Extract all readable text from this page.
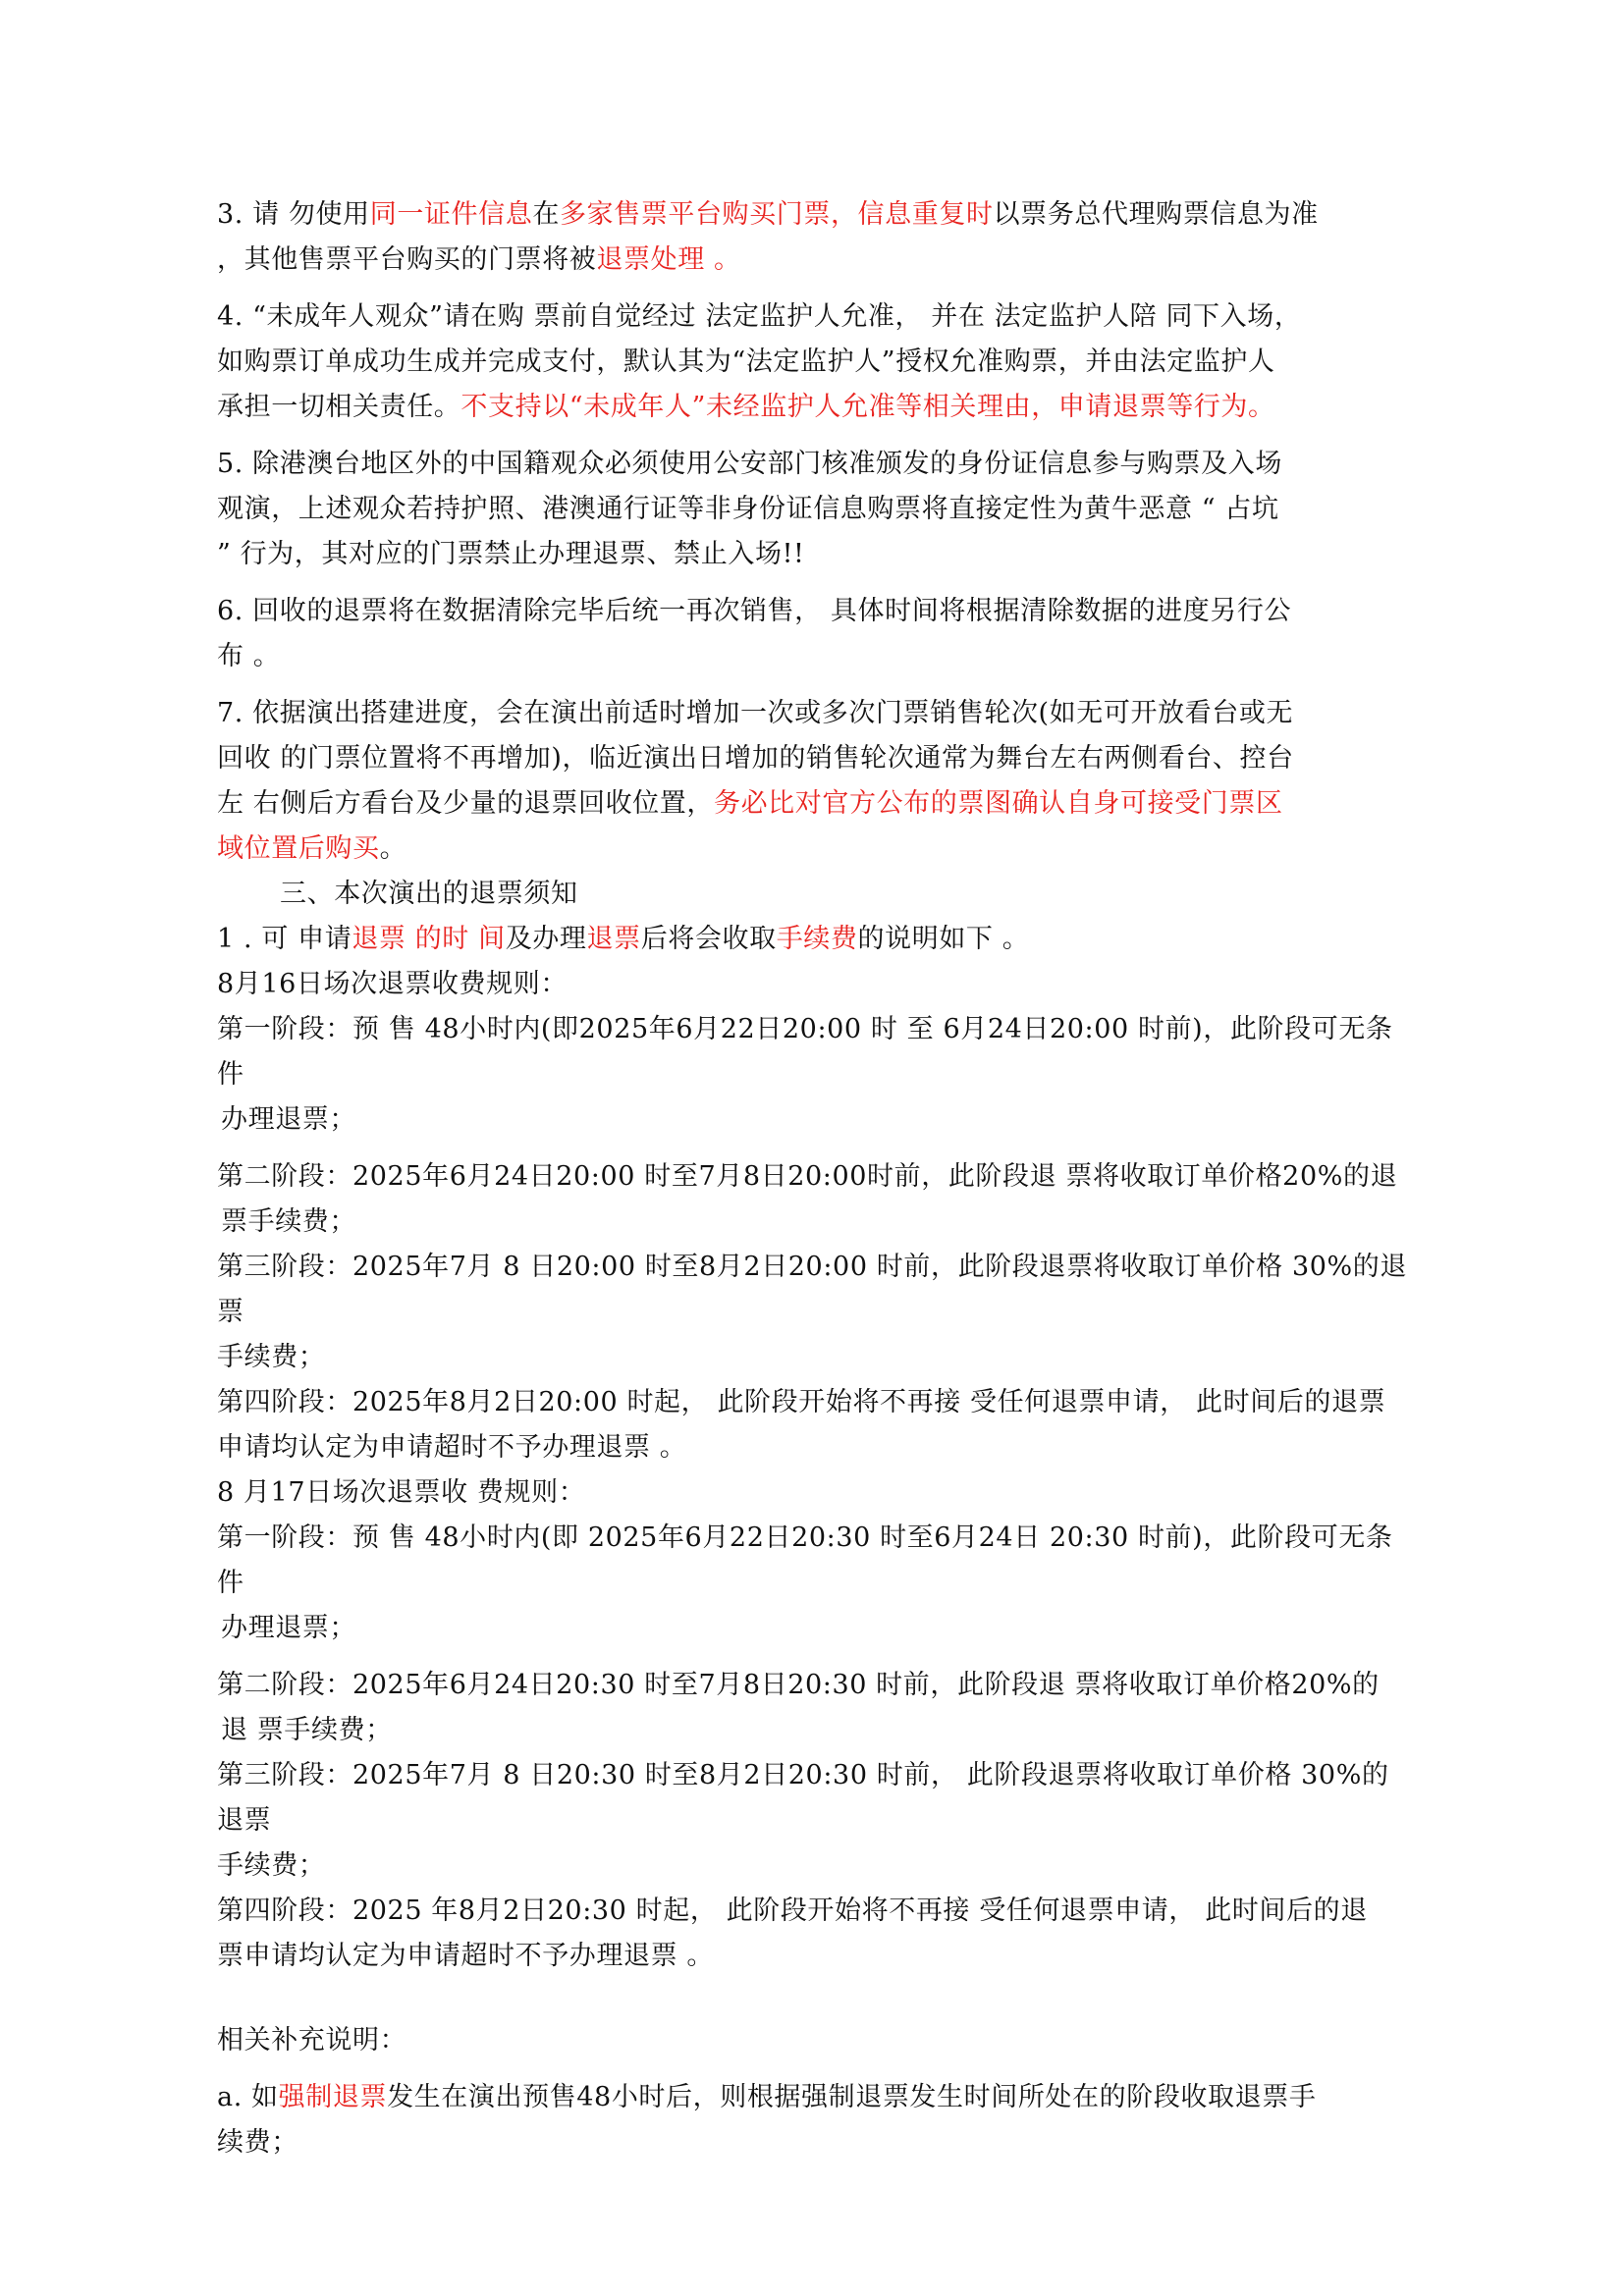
3. 请 勿使用同一证件信息在多家售票平台购买门票，信息重复时以票务总代理购票信息为准

，其他售票平台购买的门票将被退票处理 。

4. “未成年人观众”请在购 票前自觉经过 法定监护人允准， 并在 法定监护人陪 同下入场，

如购票订单成功生成并完成支付，默认其为“法定监护人”授权允准购票，并由法定监护人

承担一切相关责任。不支持以“未成年人”未经监护人允准等相关理由，申请退票等行为。

5. 除港澳台地区外的中国籍观众必须使用公安部门核准颁发的身份证信息参与购票及入场

观演，上述观众若持护照、港澳通行证等非身份证信息购票将直接定性为黄牛恶意 “ 占坑

” 行为，其对应的门票禁止办理退票、禁止入场!!

6. 回收的退票将在数据清除完毕后统一再次销售， 具体时间将根据清除数据的进度另行公

布 。

7. 依据演出搭建进度，会在演出前适时增加一次或多次门票销售轮次(如无可开放看台或无

回收 的门票位置将不再增加)，临近演出日增加的销售轮次通常为舞台左右两侧看台、控台

左 右侧后方看台及少量的退票回收位置，务必比对官方公布的票图确认自身可接受门票区

域位置后购买。

三、本次演出的退票须知

1 . 可 申请退票 的时 间及办理退票后将会收取手续费的说明如下 。

8月16日场次退票收费规则：

第一阶段：预 售 48小时内(即2025年6月22日20:00 时 至 6月24日20:00 时前)，此阶段可无条件

办理退票；

第二阶段：2025年6月24日20:00 时至7月8日20:00时前，此阶段退 票将收取订单价格20%的退

票手续费；

第三阶段：2025年7月 8 日20:00 时至8月2日20:00 时前，此阶段退票将收取订单价格 30%的退票

手续费；

第四阶段：2025年8月2日20:00 时起， 此阶段开始将不再接 受任何退票申请， 此时间后的退票

申请均认定为申请超时不予办理退票 。

8 月17日场次退票收 费规则：

第一阶段：预 售 48小时内(即 2025年6月22日20:30 时至6月24日 20:30 时前)，此阶段可无条件

办理退票；

第二阶段：2025年6月24日20:30 时至7月8日20:30 时前，此阶段退 票将收取订单价格20%的

退 票手续费；

第三阶段：2025年7月 8 日20:30 时至8月2日20:30 时前， 此阶段退票将收取订单价格 30%的退票

手续费；

第四阶段：2025 年8月2日20:30 时起， 此阶段开始将不再接 受任何退票申请， 此时间后的退

票申请均认定为申请超时不予办理退票 。

相关补充说明：

a. 如强制退票发生在演出预售48小时后，则根据强制退票发生时间所处在的阶段收取退票手

续费；
